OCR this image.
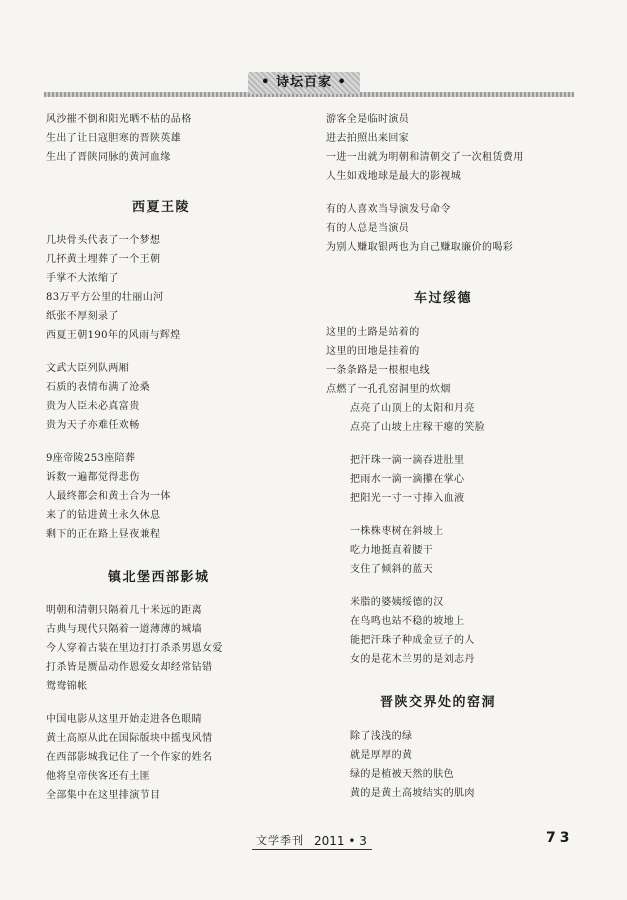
• 诗坛百家 •
风沙摧不倒和阳光晒不枯的品格
生出了让日寇胆寒的晋陕英雄
生出了晋陕同脉的黄河血缘
西夏王陵
几块骨头代表了一个梦想
几抔黄土埋葬了一个王朝
手掌不大浓缩了
83万平方公里的壮丽山河
纸张不厚刻录了
西夏王朝190年的风雨与辉煌
文武大臣列队两厢
石质的表情布满了沧桑
贵为人臣未必真富贵
贵为天子亦难任欢畅
9座帝陵253座陪葬
诉数一遍都觉得悲伤
人最终都会和黄土合为一体
来了的钻进黄土永久休息
剩下的正在路上昼夜兼程
镇北堡西部影城
明朝和清朝只隔着几十米远的距离
古典与现代只隔着一道薄薄的城墙
今人穿着古装在里边打打杀杀男恩女爱
打杀皆是赝品动作恩爱女却经常钻错
鸳鸯锦帐
中国电影从这里开始走进各色眼睛
黄土高原从此在国际版块中摇曳风情
在西部影城我记住了一个作家的姓名
他将皇帝侠客还有土匪
全部集中在这里排演节目
游客全是临时演员
进去拍照出来回家
一进一出就为明朝和清朝交了一次租赁费用
人生如戏地球是最大的影视城
有的人喜欢当导演发号命令
有的人总是当演员
为别人赚取银两也为自己赚取廉价的喝彩
车过绥德
这里的土路是站着的
这里的田地是挂着的
一条条路是一根根电线
点燃了一孔孔窑洞里的炊烟
点亮了山顶上的太阳和月亮
点亮了山坡上庄稼干瘪的笑脸
把汗珠一滴一滴吞进肚里
把雨水一滴一滴攥在掌心
把阳光一寸一寸捧入血液
一株株枣树在斜坡上
吃力地挺直着腰干
支住了倾斜的蓝天
米脂的婆姨绥德的汉
在鸟鸣也站不稳的坡地上
能把汗珠子种成金豆子的人
女的是花木兰男的是刘志丹
晋陕交界处的窑洞
除了浅浅的绿
就是厚厚的黄
绿的是植被天然的肤色
黄的是黄土高坡结实的肌肉
文学季刊 2011 • 3	73
